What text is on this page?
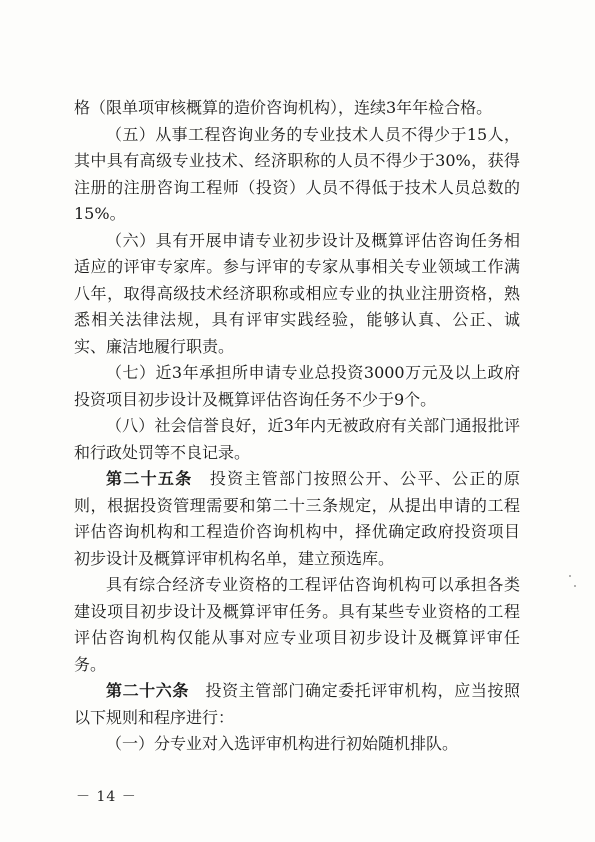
格（限单项审核概算的造价咨询机构），连续3年年检合格。

（五）从事工程咨询业务的专业技术人员不得少于15人，其中具有高级专业技术、经济职称的人员不得少于30%，获得注册的注册咨询工程师（投资）人员不得低于技术人员总数的15%。

（六）具有开展申请专业初步设计及概算评估咨询任务相适应的评审专家库。参与评审的专家从事相关专业领域工作满八年，取得高级技术经济职称或相应专业的执业注册资格，熟悉相关法律法规，具有评审实践经验，能够认真、公正、诚实、廉洁地履行职责。

（七）近3年承担所申请专业总投资3000万元及以上政府投资项目初步设计及概算评估咨询任务不少于9个。

（八）社会信誉良好，近3年内无被政府有关部门通报批评和行政处罚等不良记录。

第二十五条　投资主管部门按照公开、公平、公正的原则，根据投资管理需要和第二十三条规定，从提出申请的工程评估咨询机构和工程造价咨询机构中，择优确定政府投资项目初步设计及概算评审机构名单，建立预选库。

具有综合经济专业资格的工程评估咨询机构可以承担各类建设项目初步设计及概算评审任务。具有某些专业资格的工程评估咨询机构仅能从事对应专业项目初步设计及概算评审任务。

第二十六条　投资主管部门确定委托评审机构，应当按照以下规则和程序进行：

（一）分专业对入选评审机构进行初始随机排队。

－ 14 －
